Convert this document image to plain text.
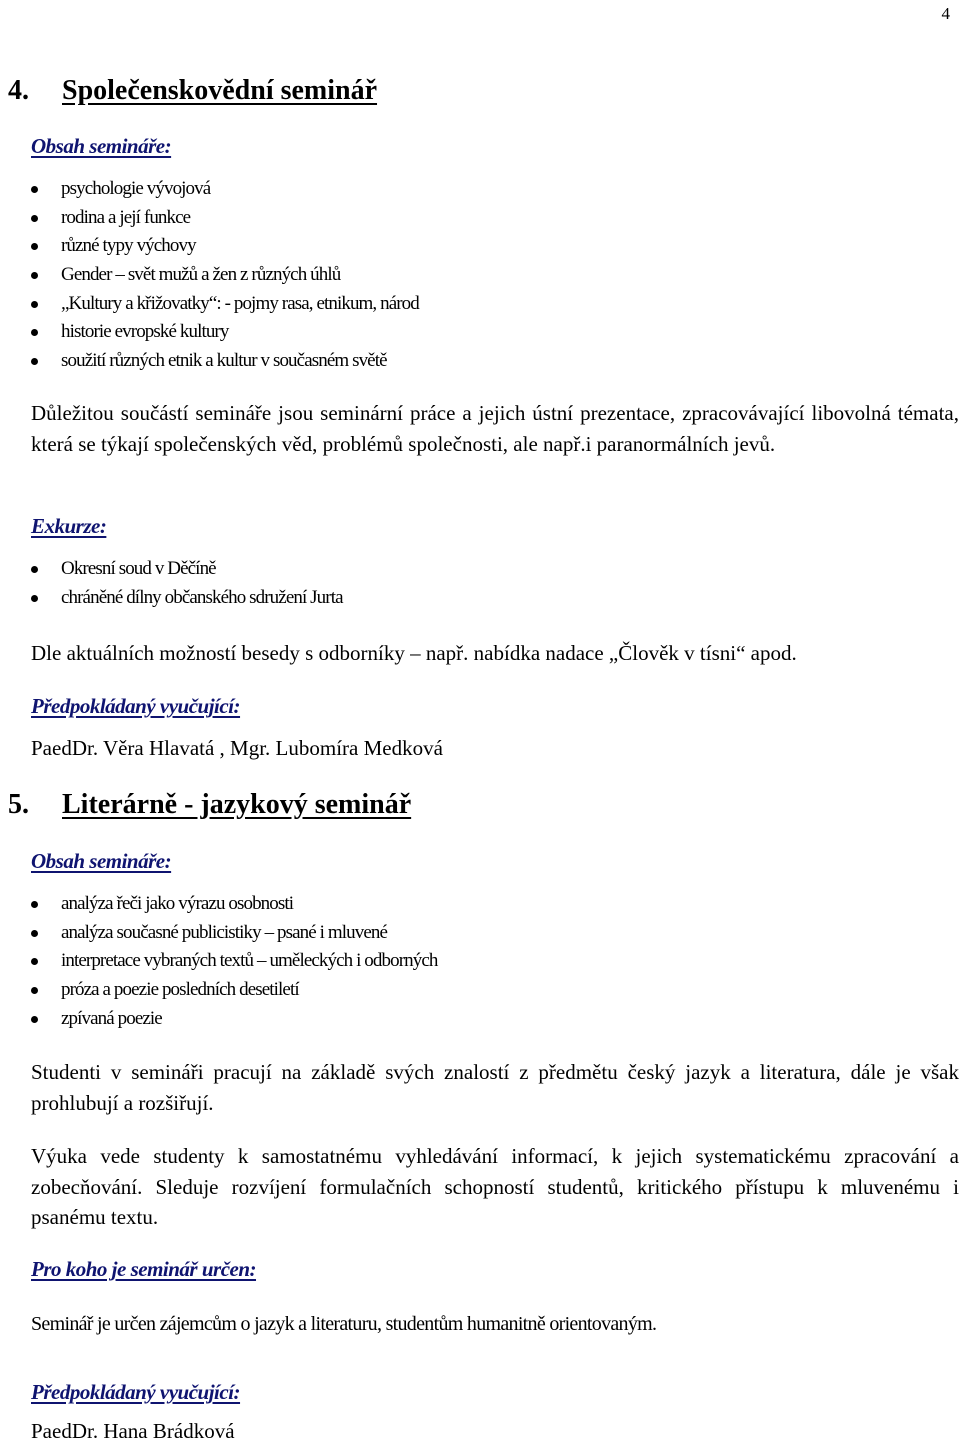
4
4. Společenskovědní seminář
Obsah semináře:
psychologie vývojová
rodina a její funkce
různé typy výchovy
Gender – svět mužů a žen z různých úhlů
„Kultury a křižovatky“: - pojmy rasa, etnikum, národ
historie evropské kultury
soužití různých etnik a kultur v současném světě

Důležitou součástí semináře jsou seminární práce a jejich ústní prezentace, zpracovávající libovolná témata, která se týkají společenských věd, problémů společnosti, ale např.i paranormálních jevů.

Exkurze:
Okresní soud v Děčíně
chráněné dílny občanského sdružení Jurta

Dle aktuálních možností besedy s odborníky – např. nabídka nadace „Člověk v tísni“ apod.

Předpokládaný vyučující:

PaedDr. Věra Hlavatá , Mgr. Lubomíra Medková

5. Literárně - jazykový seminář
Obsah semináře:
analýza řeči jako výrazu osobnosti
analýza současné publicistiky – psané i mluvené
interpretace vybraných textů – uměleckých i odborných
próza a poezie posledních desetiletí
zpívaná poezie

Studenti v semináři pracují na základě svých znalostí z předmětu český jazyk a literatura, dále je však prohlubují a rozšiřují.

Výuka vede studenty k samostatnému vyhledávání informací, k jejich systematickému zpracování a zobecňování. Sleduje rozvíjení formulačních schopností studentů, kritického přístupu k mluvenému i psanému textu.

Pro koho je seminář určen:

Seminář je určen zájemcům o jazyk a literaturu, studentům humanitně orientovaným.

Předpokládaný vyučující:

PaedDr. Hana Brádková
